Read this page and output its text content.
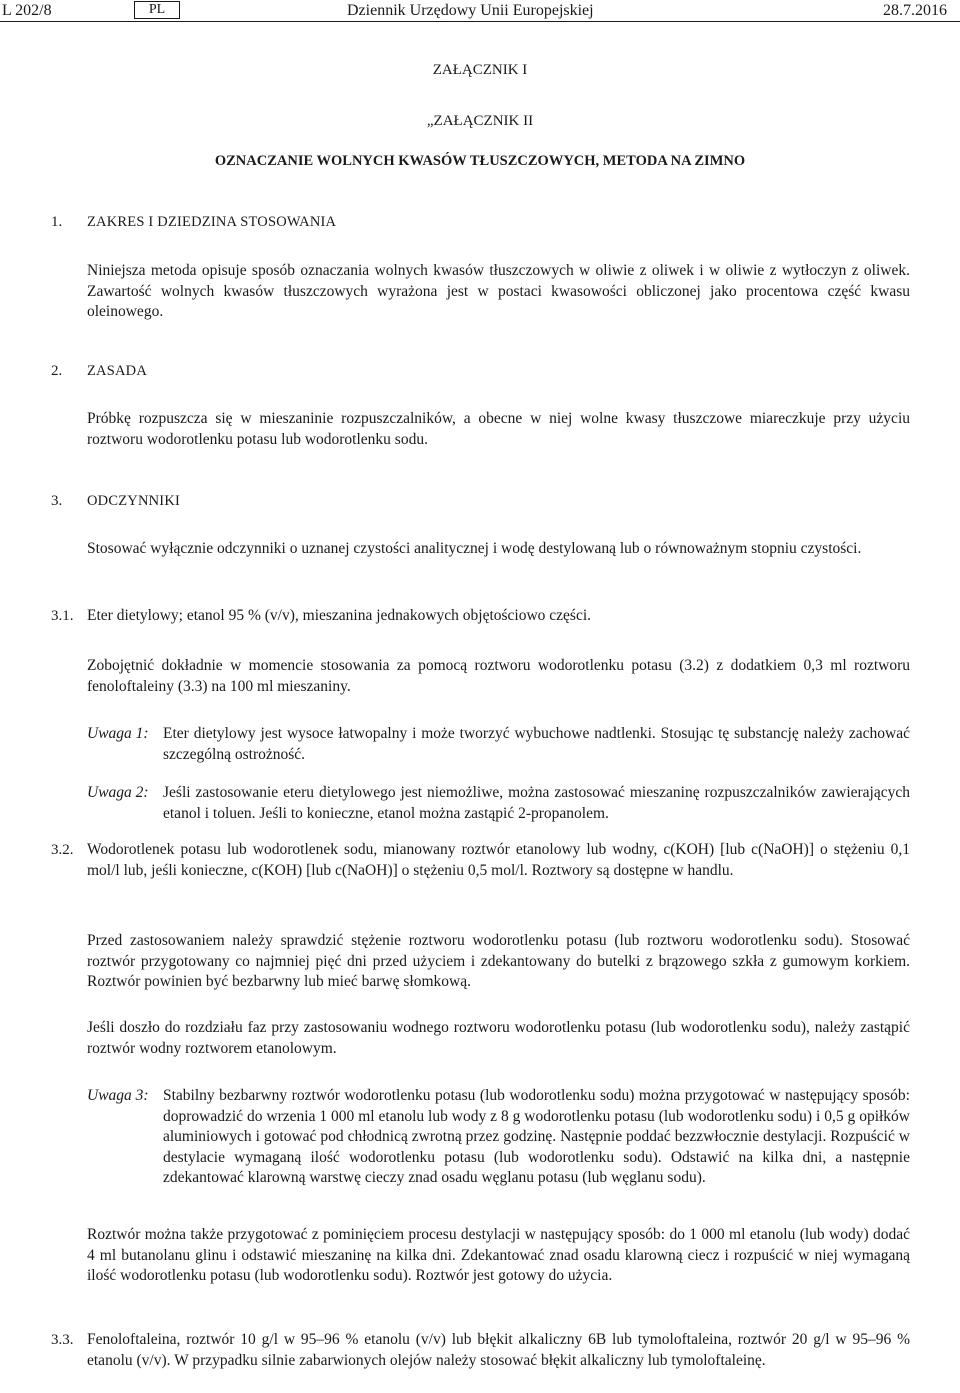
L 202/8	PL	Dziennik Urzędowy Unii Europejskiej	28.7.2016
ZAŁĄCZNIK I
„ZAŁĄCZNIK II
OZNACZANIE WOLNYCH KWASÓW TŁUSZCZOWYCH, METODA NA ZIMNO
1. ZAKRES I DZIEDZINA STOSOWANIA
Niniejsza metoda opisuje sposób oznaczania wolnych kwasów tłuszczowych w oliwie z oliwek i w oliwie z wytłoczyn z oliwek. Zawartość wolnych kwasów tłuszczowych wyrażona jest w postaci kwasowości obliczonej jako procentowa część kwasu oleinowego.
2. ZASADA
Próbkę rozpuszcza się w mieszaninie rozpuszczalników, a obecne w niej wolne kwasy tłuszczowe miareczkuje przy użyciu roztworu wodorotlenku potasu lub wodorotlenku sodu.
3. ODCZYNNIKI
Stosować wyłącznie odczynniki o uznanej czystości analitycznej i wodę destylowaną lub o równoważnym stopniu czystości.
3.1. Eter dietylowy; etanol 95 % (v/v), mieszanina jednakowych objętościowo części.
Zobojętnić dokładnie w momencie stosowania za pomocą roztworu wodorotlenku potasu (3.2) z dodatkiem 0,3 ml roztworu fenoloftaleiny (3.3) na 100 ml mieszaniny.
Uwaga 1: Eter dietylowy jest wysoce łatwopalny i może tworzyć wybuchowe nadtlenki. Stosując tę substancję należy zachować szczególną ostrożność.
Uwaga 2: Jeśli zastosowanie eteru dietylowego jest niemożliwe, można zastosować mieszaninę rozpuszczalników zawierających etanol i toluen. Jeśli to konieczne, etanol można zastąpić 2-propanolem.
3.2. Wodorotlenek potasu lub wodorotlenek sodu, mianowany roztwór etanolowy lub wodny, c(KOH) [lub c(NaOH)] o stężeniu 0,1 mol/l lub, jeśli konieczne, c(KOH) [lub c(NaOH)] o stężeniu 0,5 mol/l. Roztwory są dostępne w handlu.
Przed zastosowaniem należy sprawdzić stężenie roztworu wodorotlenku potasu (lub roztworu wodorotlenku sodu). Stosować roztwór przygotowany co najmniej pięć dni przed użyciem i zdekantowany do butelki z brązowego szkła z gumowym korkiem. Roztwór powinien być bezbarwny lub mieć barwę słomkową.
Jeśli doszło do rozdziału faz przy zastosowaniu wodnego roztworu wodorotlenku potasu (lub wodorotlenku sodu), należy zastąpić roztwór wodny roztworem etanolowym.
Uwaga 3: Stabilny bezbarwny roztwór wodorotlenku potasu (lub wodorotlenku sodu) można przygotować w następujący sposób: doprowadzić do wrzenia 1 000 ml etanolu lub wody z 8 g wodorotlenku potasu (lub wodorotlenku sodu) i 0,5 g opiłków aluminiowych i gotować pod chłodnicą zwrotną przez godzinę. Następnie poddać bezzwłocznie destylacji. Rozpuścić w destylacie wymaganą ilość wodorotlenku potasu (lub wodorotlenku sodu). Odstawić na kilka dni, a następnie zdekantować klarowną warstwę cieczy znad osadu węglanu potasu (lub węglanu sodu).
Roztwór można także przygotować z pominięciem procesu destylacji w następujący sposób: do 1 000 ml etanolu (lub wody) dodać 4 ml butanolanu glinu i odstawić mieszaninę na kilka dni. Zdekantować znad osadu klarowną ciecz i rozpuścić w niej wymaganą ilość wodorotlenku potasu (lub wodorotlenku sodu). Roztwór jest gotowy do użycia.
3.3. Fenoloftaleina, roztwór 10 g/l w 95–96 % etanolu (v/v) lub błękit alkaliczny 6B lub tymoloftaleina, roztwór 20 g/l w 95–96 % etanolu (v/v). W przypadku silnie zabarwionych olejów należy stosować błękit alkaliczny lub tymoloftaleinę.
